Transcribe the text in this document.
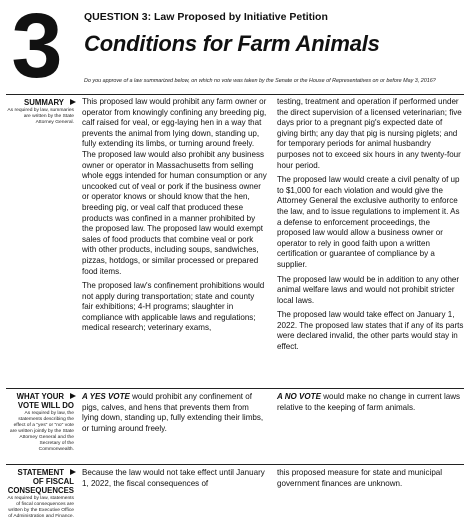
3	QUESTION 3: Law Proposed by Initiative Petition
Conditions for Farm Animals
Do you approve of a law summarized below, on which no vote was taken by the Senate or the House of Representatives on or before May 3, 2016?
SUMMARY
As required by law, summaries are written by the State Attorney General.

This proposed law would prohibit any farm owner or operator from knowingly confining any breeding pig, calf raised for veal, or egg-laying hen in a way that prevents the animal from lying down, standing up, fully extending its limbs, or turning around freely. The proposed law would also prohibit any business owner or operator in Massachusetts from selling whole eggs intended for human consumption or any uncooked cut of veal or pork if the business owner or operator knows or should know that the hen, breeding pig, or veal calf that produced these products was confined in a manner prohibited by the proposed law. The proposed law would exempt sales of food products that combine veal or pork with other products, including soups, sandwiches, pizzas, hotdogs, or similar processed or prepared food items.

The proposed law's confinement prohibitions would not apply during transportation; state and county fair exhibitions; 4-H programs; slaughter in compliance with applicable laws and regulations; medical research; veterinary exams,

testing, treatment and operation if performed under the direct supervision of a licensed veterinarian; five days prior to a pregnant pig's expected date of giving birth; any day that pig is nursing piglets; and for temporary periods for animal husbandry purposes not to exceed six hours in any twenty-four hour period.

The proposed law would create a civil penalty of up to $1,000 for each violation and would give the Attorney General the exclusive authority to enforce the law, and to issue regulations to implement it. As a defense to enforcement proceedings, the proposed law would allow a business owner or operator to rely in good faith upon a written certification or guarantee of compliance by a supplier.

The proposed law would be in addition to any other animal welfare laws and would not prohibit stricter local laws.

The proposed law would take effect on January 1, 2022. The proposed law states that if any of its parts were declared invalid, the other parts would stay in effect.

WHAT YOUR
VOTE WILL DO
As required by law, the statements describing the effect of a "yes" or "no" vote are written jointly by the State Attorney General and the Secretary of the Commonwealth.

A YES VOTE would prohibit any confinement of pigs, calves, and hens that prevents them from lying down, standing up, fully extending their limbs, or turning around freely.

A NO VOTE would make no change in current laws relative to the keeping of farm animals.

STATEMENT
OF FISCAL
CONSEQUENCES
As required by law, statements of fiscal consequences are written by the Executive Office of Administration and Finance.

Because the law would not take effect until January 1, 2022, the fiscal consequences of

this proposed measure for state and municipal government finances are unknown.
